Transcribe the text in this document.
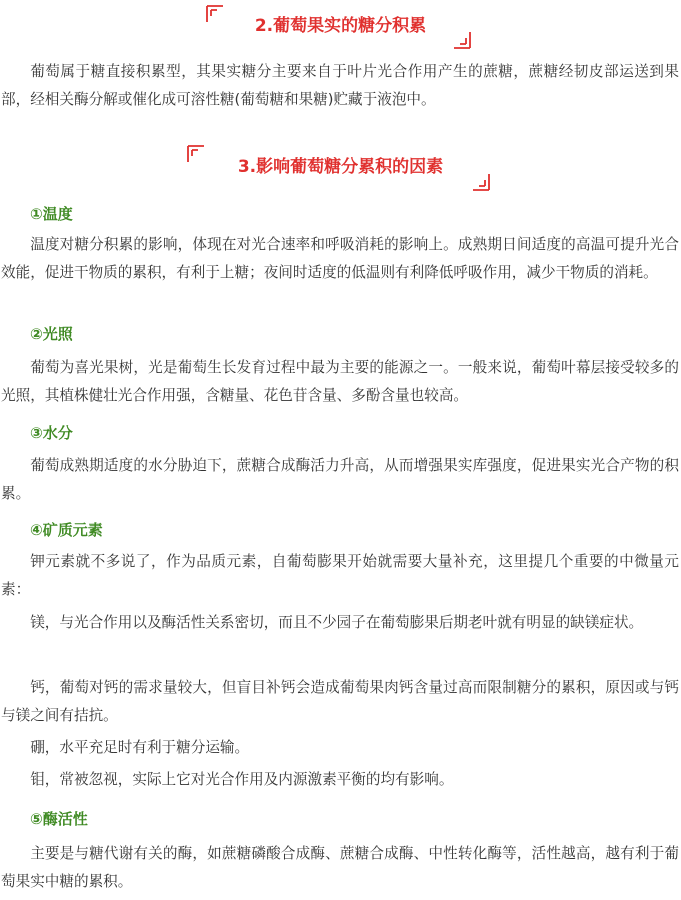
2.葡萄果实的糖分积累

葡萄属于糖直接积累型，其果实糖分主要来自于叶片光合作用产生的蔗糖，蔗糖经韧皮部运送到果部，经相关酶分解或催化成可溶性糖(葡萄糖和果糖)贮藏于液泡中。

3.影响葡萄糖分累积的因素
①温度

温度对糖分积累的影响，体现在对光合速率和呼吸消耗的影响上。成熟期日间适度的高温可提升光合效能，促进干物质的累积，有利于上糖；夜间时适度的低温则有利降低呼吸作用，减少干物质的消耗。

②光照

葡萄为喜光果树，光是葡萄生长发育过程中最为主要的能源之一。一般来说，葡萄叶幕层接受较多的光照，其植株健壮光合作用强，含糖量、花色苷含量、多酚含量也较高。

③水分

葡萄成熟期适度的水分胁迫下，蔗糖合成酶活力升高，从而增强果实库强度，促进果实光合产物的积累。

④矿质元素

钾元素就不多说了，作为品质元素，自葡萄膨果开始就需要大量补充，这里提几个重要的中微量元素：

镁，与光合作用以及酶活性关系密切，而且不少园子在葡萄膨果后期老叶就有明显的缺镁症状。

钙，葡萄对钙的需求量较大，但盲目补钙会造成葡萄果肉钙含量过高而限制糖分的累积，原因或与钙与镁之间有拮抗。

硼，水平充足时有利于糖分运输。

钼，常被忽视，实际上它对光合作用及内源激素平衡的均有影响。

⑤酶活性

主要是与糖代谢有关的酶，如蔗糖磷酸合成酶、蔗糖合成酶、中性转化酶等，活性越高，越有利于葡萄果实中糖的累积。
